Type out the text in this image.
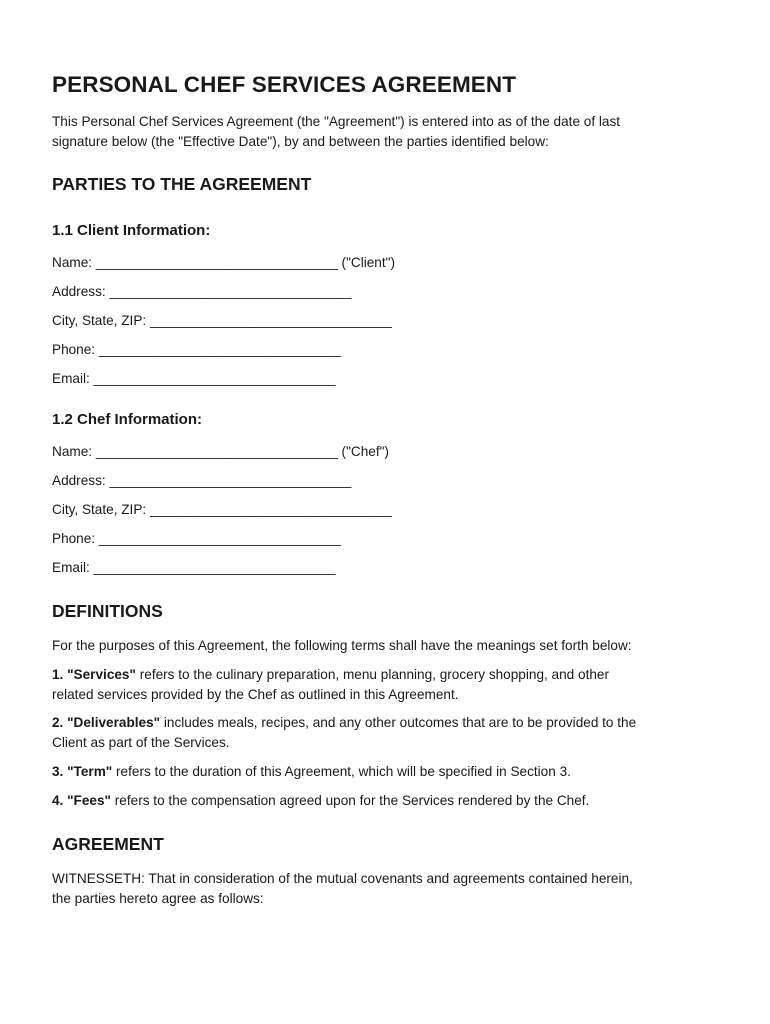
PERSONAL CHEF SERVICES AGREEMENT
This Personal Chef Services Agreement (the "Agreement") is entered into as of the date of last
signature below (the "Effective Date"), by and between the parties identified below:
PARTIES TO THE AGREEMENT
1.1 Client Information:
Name: ________________________________ ("Client")
Address: ________________________________
City, State, ZIP: ________________________________
Phone: ________________________________
Email: ________________________________
1.2 Chef Information:
Name: ________________________________ ("Chef")
Address: ________________________________
City, State, ZIP: ________________________________
Phone: ________________________________
Email: ________________________________
DEFINITIONS
For the purposes of this Agreement, the following terms shall have the meanings set forth below:
1. "Services" refers to the culinary preparation, menu planning, grocery shopping, and other
related services provided by the Chef as outlined in this Agreement.
2. "Deliverables" includes meals, recipes, and any other outcomes that are to be provided to the
Client as part of the Services.
3. "Term" refers to the duration of this Agreement, which will be specified in Section 3.
4. "Fees" refers to the compensation agreed upon for the Services rendered by the Chef.
AGREEMENT
WITNESSETH: That in consideration of the mutual covenants and agreements contained herein,
the parties hereto agree as follows:
